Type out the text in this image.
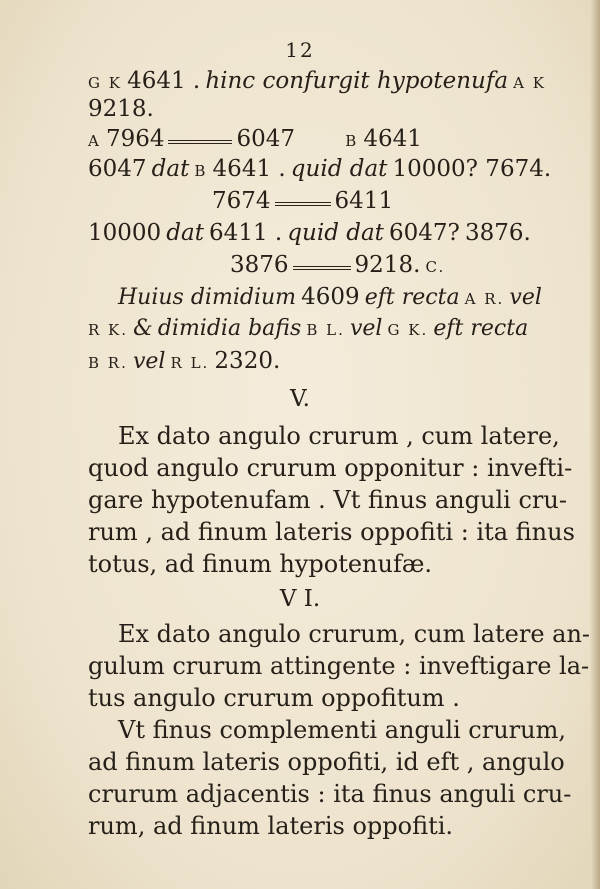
12
G K 4641 . hinc confurgit hypotenufa A K
9218.
A 7964	6047	B 4641
6047 dat B 4641 . quid dat 10000? 7674.
7674	6411
10000 dat 6411 . quid dat 6047? 3876.
3876	9218. C.
Huius dimidium 4609 eft recta A R. vel
R K. & dimidia bafis B L. vel G K. eft recta
B R. vel R L. 2320.
V.
Ex dato angulo crurum , cum latere,
quod angulo crurum opponitur : invefti-
gare hypotenufam . Vt finus anguli cru-
rum , ad finum lateris oppofiti : ita finus
totus, ad finum hypotenufæ.
V I.
Ex dato angulo crurum, cum latere an-
gulum crurum attingente : inveftigare la-
tus angulo crurum oppofitum .
Vt finus complementi anguli crurum,
ad finum lateris oppofiti, id eft , angulo
crurum adjacentis : ita finus anguli cru-
rum, ad finum lateris oppofiti.
